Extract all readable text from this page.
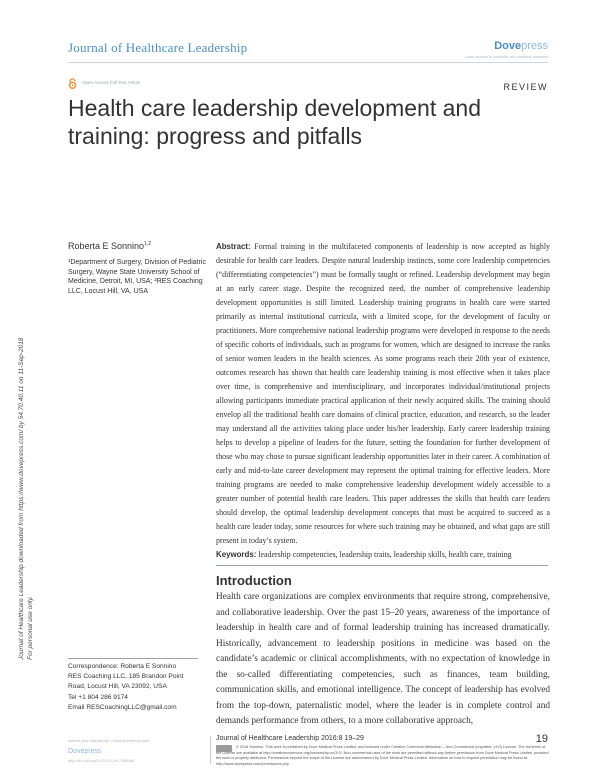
Journal of Healthcare Leadership	Dovepress
open access to scientific and medical research
Open Access Full Text Article	REVIEW
Health care leadership development and training: progress and pitfalls
Journal of Healthcare Leadership downloaded from https://www.dovepress.com/ by 54.70.40.11 on 11-Sep-2018 For personal use only.
Roberta E Sonnino$^{1,2}$
¹Department of Surgery, Division of Pediatric Surgery, Wayne State University School of Medicine, Detroit, MI, USA; ²RES Coaching LLC, Locust Hill, VA, USA
Abstract: Formal training in the multifaceted components of leadership is now accepted as highly desirable for health care leaders. Despite natural leadership instincts, some core leadership competencies (“differentiating competencies”) must be formally taught or refined. Leadership development may begin at an early career stage. Despite the recognized need, the number of comprehensive leadership development opportunities is still limited. Leadership training programs in health care were started primarily as internal institutional curricula, with a limited scope, for the development of faculty or practitioners. More comprehensive national leadership programs were developed in response to the needs of specific cohorts of individuals, such as programs for women, which are designed to increase the ranks of senior women leaders in the health sciences. As some programs reach their 20th year of existence, outcomes research has shown that health care leadership training is most effective when it takes place over time, is comprehensive and interdisciplinary, and incorporates individual/institutional projects allowing participants immediate practical application of their newly acquired skills. The training should envelop all the traditional health care domains of clinical practice, education, and research, so the leader may understand all the activities taking place under his/her leadership. Early career leadership training helps to develop a pipeline of leaders for the future, setting the foundation for further development of those who may chose to pursue significant leadership opportunities later in their career. A combination of early and mid-to-late career development may represent the optimal training for effective leaders. More training programs are needed to make comprehensive leadership development widely accessible to a greater number of potential health care leaders. This paper addresses the skills that health care leaders should develop, the optimal leadership development concepts that must be acquired to succeed as a health care leader today, some resources for where such training may be obtained, and what gaps are still present in today’s system.
Keywords: leadership competencies, leadership traits, leadership skills, health care, training
Introduction

Health care organizations are complex environments that require strong, comprehensive, and collaborative leadership. Over the past 15–20 years, awareness of the importance of leadership in health care and of formal leadership training has increased dramatically. Historically, advancement to leadership positions in medicine was based on the candidate’s academic or clinical accomplishments, with no expectation of knowledge in the so-called differentiating competencies, such as finances, team building, communication skills, and emotional intelligence. The concept of leadership has evolved from the top-down, paternalistic model, where the leader is in complete control and demands performance from others, to a more collaborative approach,

Correspondence: Roberta E Sonnino
RES Coaching LLC, 185 Brandon Point
Road, Locust Hill, VA 23092, USA
Tel +1 804 286 9174
Email RESCoachingLLC@gmail.com
submit your manuscript | www.dovepress.com
Dovepress
http://dx.doi.org/10.2147/JHL.S68068
Journal of Healthcare Leadership 2016:8 19–29	19
© 2016 Sonnino. This work is published by Dove Medical Press Limited, and licensed under Creative Commons Attribution – Non Commercial (unported, v3.0) License. The full terms of the License are available at http://creativecommons.org/licenses/by-nc/3.0/. Non-commercial uses of the work are permitted without any further permission from Dove Medical Press Limited, provided the work is properly attributed. Permissions beyond the scope of the License are administered by Dove Medical Press Limited. Information on how to request permission may be found at: http://www.dovepress.com/permissions.php
